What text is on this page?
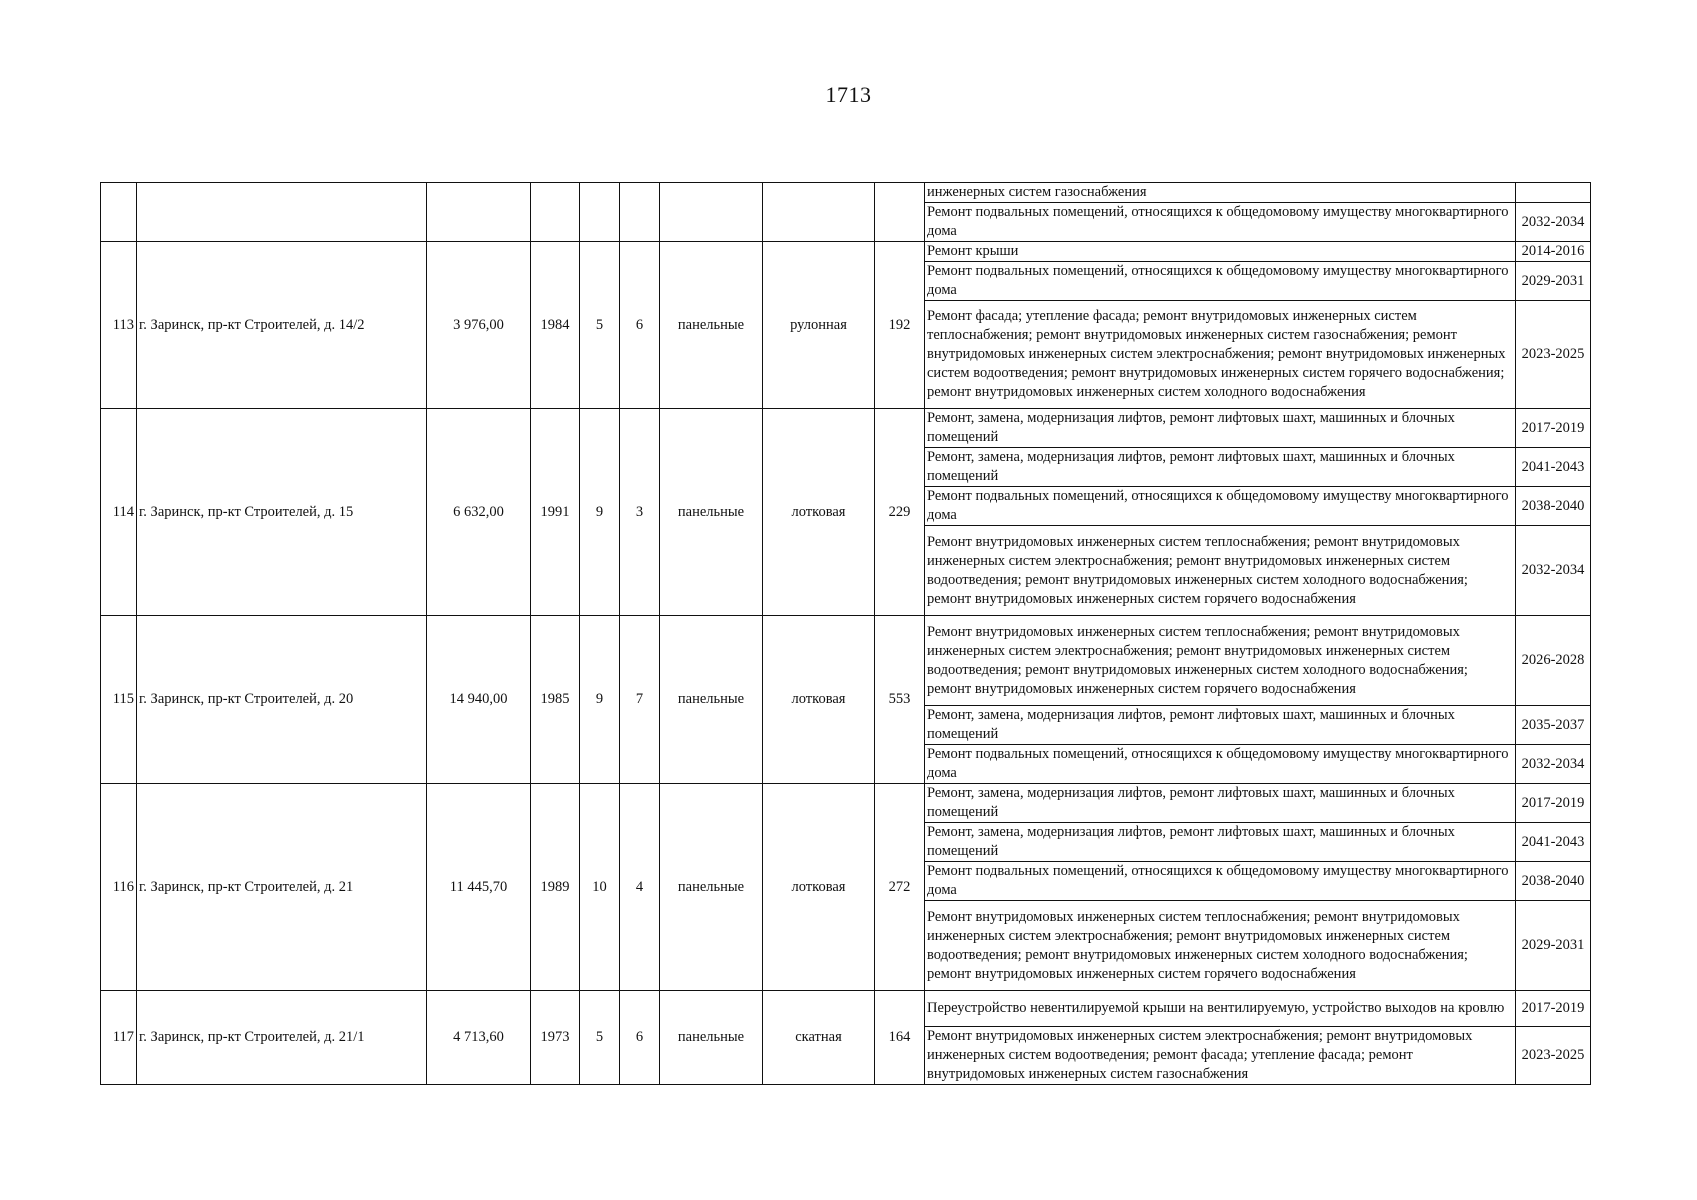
1713
									инженерных систем газоснабжения	
									Ремонт подвальных помещений, относящихся к общедомовому имуществу многоквартирного дома	2032-2034
113	г. Заринск, пр-кт Строителей, д. 14/2	3 976,00	1984	5	6	панельные	рулонная	192	Ремонт крыши	2014-2016
									Ремонт подвальных помещений, относящихся к общедомовому имуществу многоквартирного дома	2029-2031
									Ремонт фасада; утепление фасада; ремонт внутридомовых инженерных систем теплоснабжения; ремонт внутридомовых инженерных систем газоснабжения; ремонт внутридомовых инженерных систем электроснабжения; ремонт внутридомовых инженерных систем водоотведения; ремонт внутридомовых инженерных систем горячего водоснабжения; ремонт внутридомовых инженерных систем холодного водоснабжения	2023-2025
114	г. Заринск, пр-кт Строителей, д. 15	6 632,00	1991	9	3	панельные	лотковая	229	Ремонт, замена, модернизация лифтов, ремонт лифтовых шахт, машинных и блочных помещений	2017-2019
									Ремонт, замена, модернизация лифтов, ремонт лифтовых шахт, машинных и блочных помещений	2041-2043
									Ремонт подвальных помещений, относящихся к общедомовому имуществу многоквартирного дома	2038-2040
									Ремонт внутридомовых инженерных систем теплоснабжения; ремонт внутридомовых инженерных систем электроснабжения; ремонт внутридомовых инженерных систем водоотведения; ремонт внутридомовых инженерных систем холодного водоснабжения; ремонт внутридомовых инженерных систем горячего водоснабжения	2032-2034
115	г. Заринск, пр-кт Строителей, д. 20	14 940,00	1985	9	7	панельные	лотковая	553	Ремонт внутридомовых инженерных систем теплоснабжения; ремонт внутридомовых инженерных систем электроснабжения; ремонт внутридомовых инженерных систем водоотведения; ремонт внутридомовых инженерных систем холодного водоснабжения; ремонт внутридомовых инженерных систем горячего водоснабжения	2026-2028
									Ремонт, замена, модернизация лифтов, ремонт лифтовых шахт, машинных и блочных помещений	2035-2037
									Ремонт подвальных помещений, относящихся к общедомовому имуществу многоквартирного дома	2032-2034
116	г. Заринск, пр-кт Строителей, д. 21	11 445,70	1989	10	4	панельные	лотковая	272	Ремонт, замена, модернизация лифтов, ремонт лифтовых шахт, машинных и блочных помещений	2017-2019
									Ремонт, замена, модернизация лифтов, ремонт лифтовых шахт, машинных и блочных помещений	2041-2043
									Ремонт подвальных помещений, относящихся к общедомовому имуществу многоквартирного дома	2038-2040
									Ремонт внутридомовых инженерных систем теплоснабжения; ремонт внутридомовых инженерных систем электроснабжения; ремонт внутридомовых инженерных систем водоотведения; ремонт внутридомовых инженерных систем холодного водоснабжения; ремонт внутридомовых инженерных систем горячего водоснабжения	2029-2031
117	г. Заринск, пр-кт Строителей, д. 21/1	4 713,60	1973	5	6	панельные	скатная	164	Переустройство невентилируемой крыши на вентилируемую, устройство выходов на кровлю	2017-2019
									Ремонт внутридомовых инженерных систем электроснабжения; ремонт внутридомовых инженерных систем водоотведения; ремонт фасада; утепление фасада; ремонт внутридомовых инженерных систем газоснабжения	2023-2025
